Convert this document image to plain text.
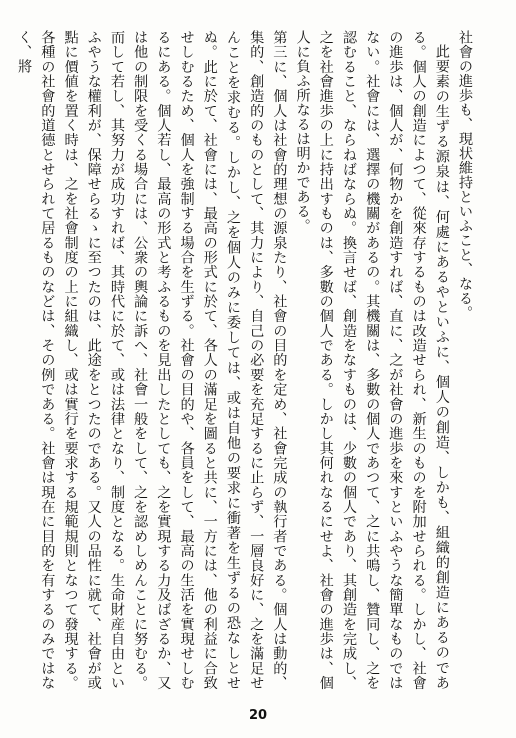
社會の進歩も、現状維持といふこと、なる。

此要素の生ずる源泉は、何處にあるやといふに、個人の創造、しかも、組織的創造にあるのである。個人の創造によつて、從來存するものは改造せられ、新生のものを附加せられる。しかし、社會の進歩は、個人が、何物かを創造すれば、直に、之が社會の進歩を來すといふやうな簡單なものではない。社會には、選擇の機關があるの。其機關は、多數の個人であつて、之に共鳴し、贊同し、之を認むること、ならねばならぬ。換言せば、創造をなすものは、少數の個人であり、其創造を完成し、之を社會進歩の上に持出すものは、多數の個人である。しかし其何れなるにせよ、社會の進歩は、個人に負ふ所なるは明かである。

第三に、個人は社會的理想の源泉たり、社會の目的を定め、社會完成の執行者である。個人は動的、集的、創造的のものとして、其力により、自己の必要を充足するに止らず、一層良好に、之を滿足せんことを求むる。しかし、之を個人のみに委しては、或は自他の要求に衝著を生ずるの恐なしとせぬ。此に於て、社會には、最高の形式に於て、各人の滿足を圖ると共に、一方には、他の利益に合致せしむるため、個人を強制する場合を生ずる。社會の目的や、各員をして、最高の生活を實現せしむるにある。個人若し、最高の形式と考ふるものを見出したとしても、之を實現する力及ばざるか、又は他の制限を受くる場合には、公衆の輿論に訴へ、社會一般をして、之を認めしめんことに努むる。而して若し、其努力が成功すれば、其時代に於て、或は法律となり、制度となる。生命財産自由といふやうな權利が、保障せらるゝに至つたのは、此途をとつたのである。又人の品性に就て、社會が或點に價値を置く時は、之を社會制度の上に組織し、或は實行を要求する規範規則となつて發現する。各種の社會的道德とせられて居るものなどは、その例である。社會は現在に目的を有するのみではなく、將

20
